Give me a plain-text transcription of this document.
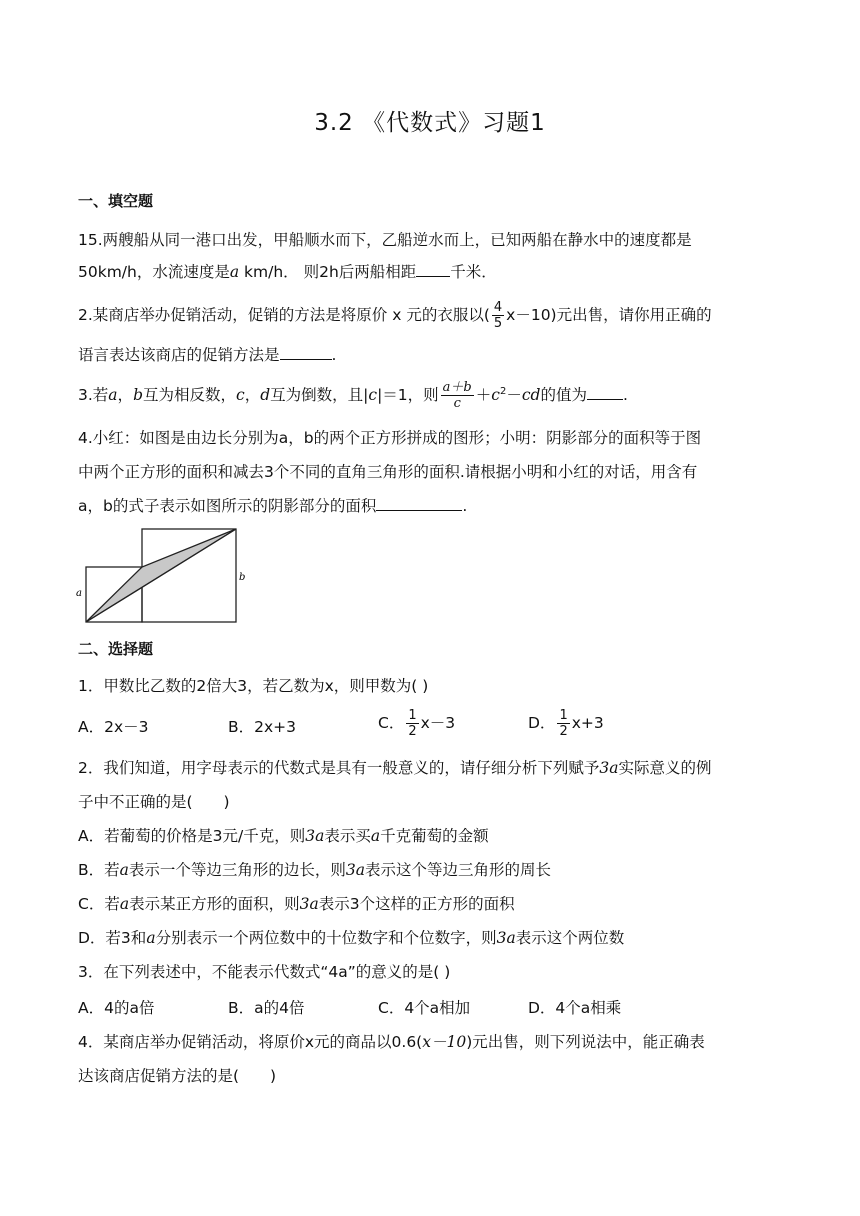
3.2 《代数式》习题1
一、填空题
15.两艘船从同一港口出发，甲船顺水而下，乙船逆水而上，已知两船在静水中的速度都是
50km/h，水流速度是a km/h． 则2h后两船相距 千米．
2.某商店举办促销活动，促销的方法是将原价 x 元的衣服以( $\frac{4}{5} x-10$)元出售，请你用正确的
语言表达该商店的促销方法是	.
3.若a，b互为相反数，c，d互为倒数，且|c|＝1，则 $\frac{a+b}{c} +c^2-cd$的值为 .
4.小红：如图是由边长分别为a，b的两个正方形拼成的图形；小明：阴影部分的面积等于图
中两个正方形的面积和减去3个不同的直角三角形的面积.请根据小明和小红的对话，用含有
a，b的式子表示如图所示的阴影部分的面积	.
a
b
二、选择题
1．甲数比乙数的2倍大3，若乙数为x，则甲数为( )
A．2x－3	B．2x+3	C． $\frac{1}{2} x-3$	D． $\frac{1}{2} x+3$
2．我们知道，用字母表示的代数式是具有一般意义的，请仔细分析下列赋予3a实际意义的例
子中不正确的是(　　)
A．若葡萄的价格是3元/千克，则3a表示买a千克葡萄的金额
B．若a表示一个等边三角形的边长，则3a表示这个等边三角形的周长
C．若a表示某正方形的面积，则3a表示3个这样的正方形的面积
D．若3和a分别表示一个两位数中的十位数字和个位数字，则3a表示这个两位数
3．在下列表述中，不能表示代数式“4a”的意义的是( )
A．4的a倍	B．a的4倍	C．4个a相加	D．4个a相乘
4．某商店举办促销活动，将原价x元的商品以0.6(x－10)元出售，则下列说法中，能正确表
达该商店促销方法的是(　　)
